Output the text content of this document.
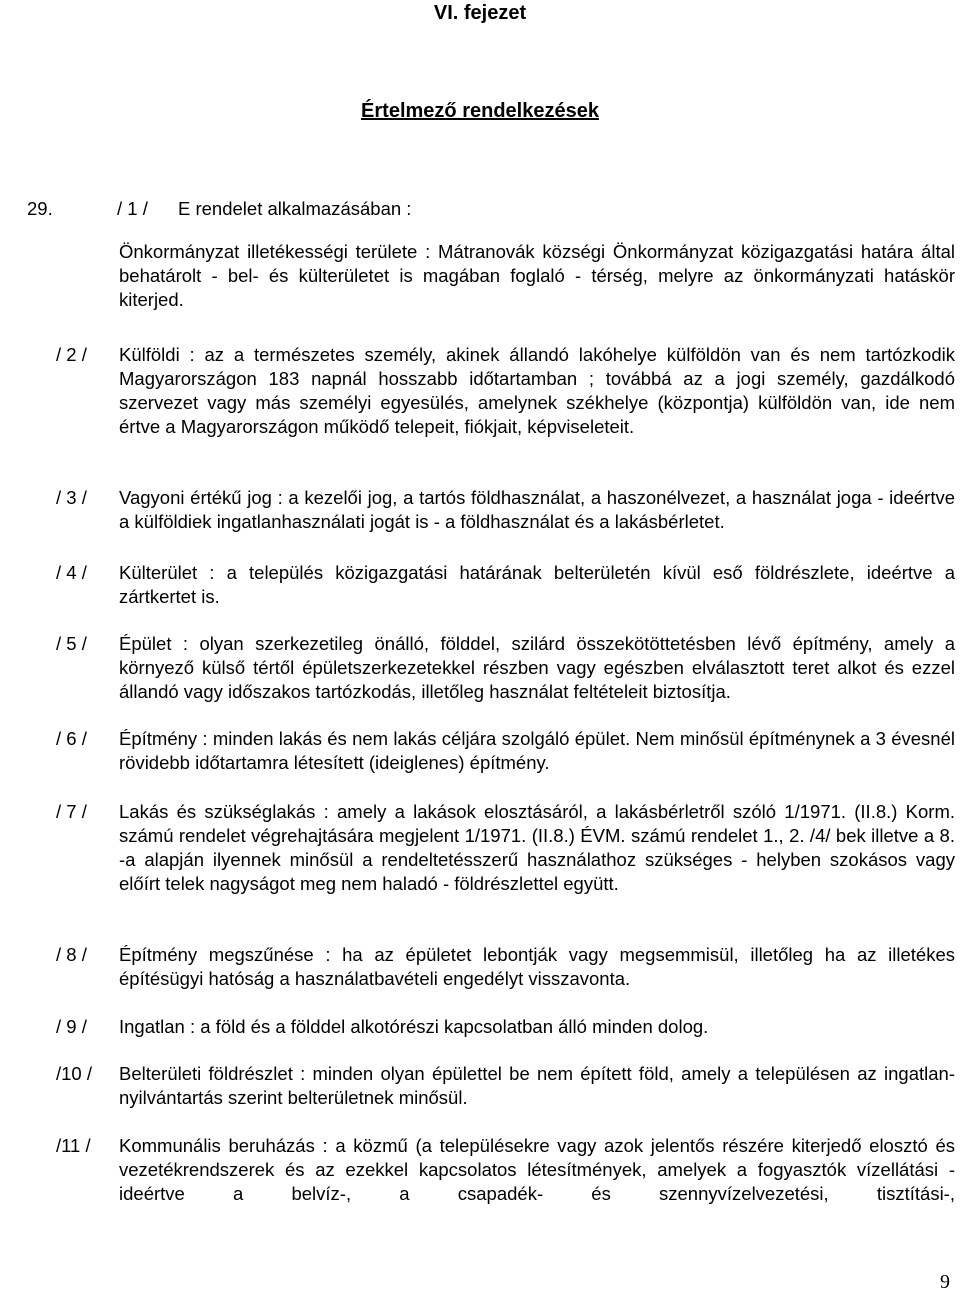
VI. fejezet
Értelmező rendelkezések
29.	/ 1 / E rendelet alkalmazásában :
Önkormányzat illetékességi területe : Mátranovák községi Önkormányzat közigazgatási határa által behatárolt - bel- és külterületet is magában foglaló - térség, melyre az önkormányzati hatáskör kiterjed.
/ 2 / Külföldi : az a természetes személy, akinek állandó lakóhelye külföldön van és nem tartózkodik Magyarországon 183 napnál hosszabb időtartamban ; továbbá az a jogi személy, gazdálkodó szervezet vagy más személyi egyesülés, amelynek székhelye (központja) külföldön van, ide nem értve a Magyarországon működő telepeit, fiókjait, képviseleteit.
/ 3 / Vagyoni értékű jog : a kezelői jog, a tartós földhasználat, a haszonélvezet, a használat joga - ideértve a külföldiek ingatlanhasználati jogát is - a földhasználat és a lakásbérletet.
/ 4 / Külterület : a település közigazgatási határának belterületén kívül eső földrészlete, ideértve a zártkertet is.
/ 5 / Épület : olyan szerkezetileg önálló, földdel, szilárd összekötöttetésben lévő építmény, amely a környező külső tértől épületszerkezetekkel részben vagy egészben elválasztott teret alkot és ezzel állandó vagy időszakos tartózkodás, illetőleg használat feltételeit biztosítja.
/ 6 / Építmény : minden lakás és nem lakás céljára szolgáló épület. Nem minősül építménynek a 3 évesnél rövidebb időtartamra létesített (ideiglenes) építmény.
/ 7 / Lakás és szükséglakás : amely a lakások elosztásáról, a lakásbérletről szóló 1/1971. (II.8.) Korm. számú rendelet végrehajtására megjelent 1/1971. (II.8.) ÉVM. számú rendelet 1., 2. /4/ bek illetve a 8. -a alapján ilyennek minősül a rendeltetésszerű használathoz szükséges - helyben szokásos vagy előírt telek nagyságot meg nem haladó - földrészlettel együtt.
/ 8 / Építmény megszűnése : ha az épületet lebontják vagy megsemmisül, illetőleg ha az illetékes építésügyi hatóság a használatbavételi engedélyt visszavonta.
/ 9 / Ingatlan : a föld és a földdel alkotórészi kapcsolatban álló minden dolog.
/10 / Belterületi földrészlet : minden olyan épülettel be nem épített föld, amely a településen az ingatlan-nyilvántartás szerint belterületnek minősül.
/11 / Kommunális beruházás : a közmű (a településekre vagy azok jelentős részére kiterjedő elosztó és vezetékrendszerek és az ezekkel kapcsolatos létesítmények, amelyek a fogyasztók vízellátási - ideértve a belvíz-, a csapadék- és szennyvízelvezetési, tisztítási-,
9
